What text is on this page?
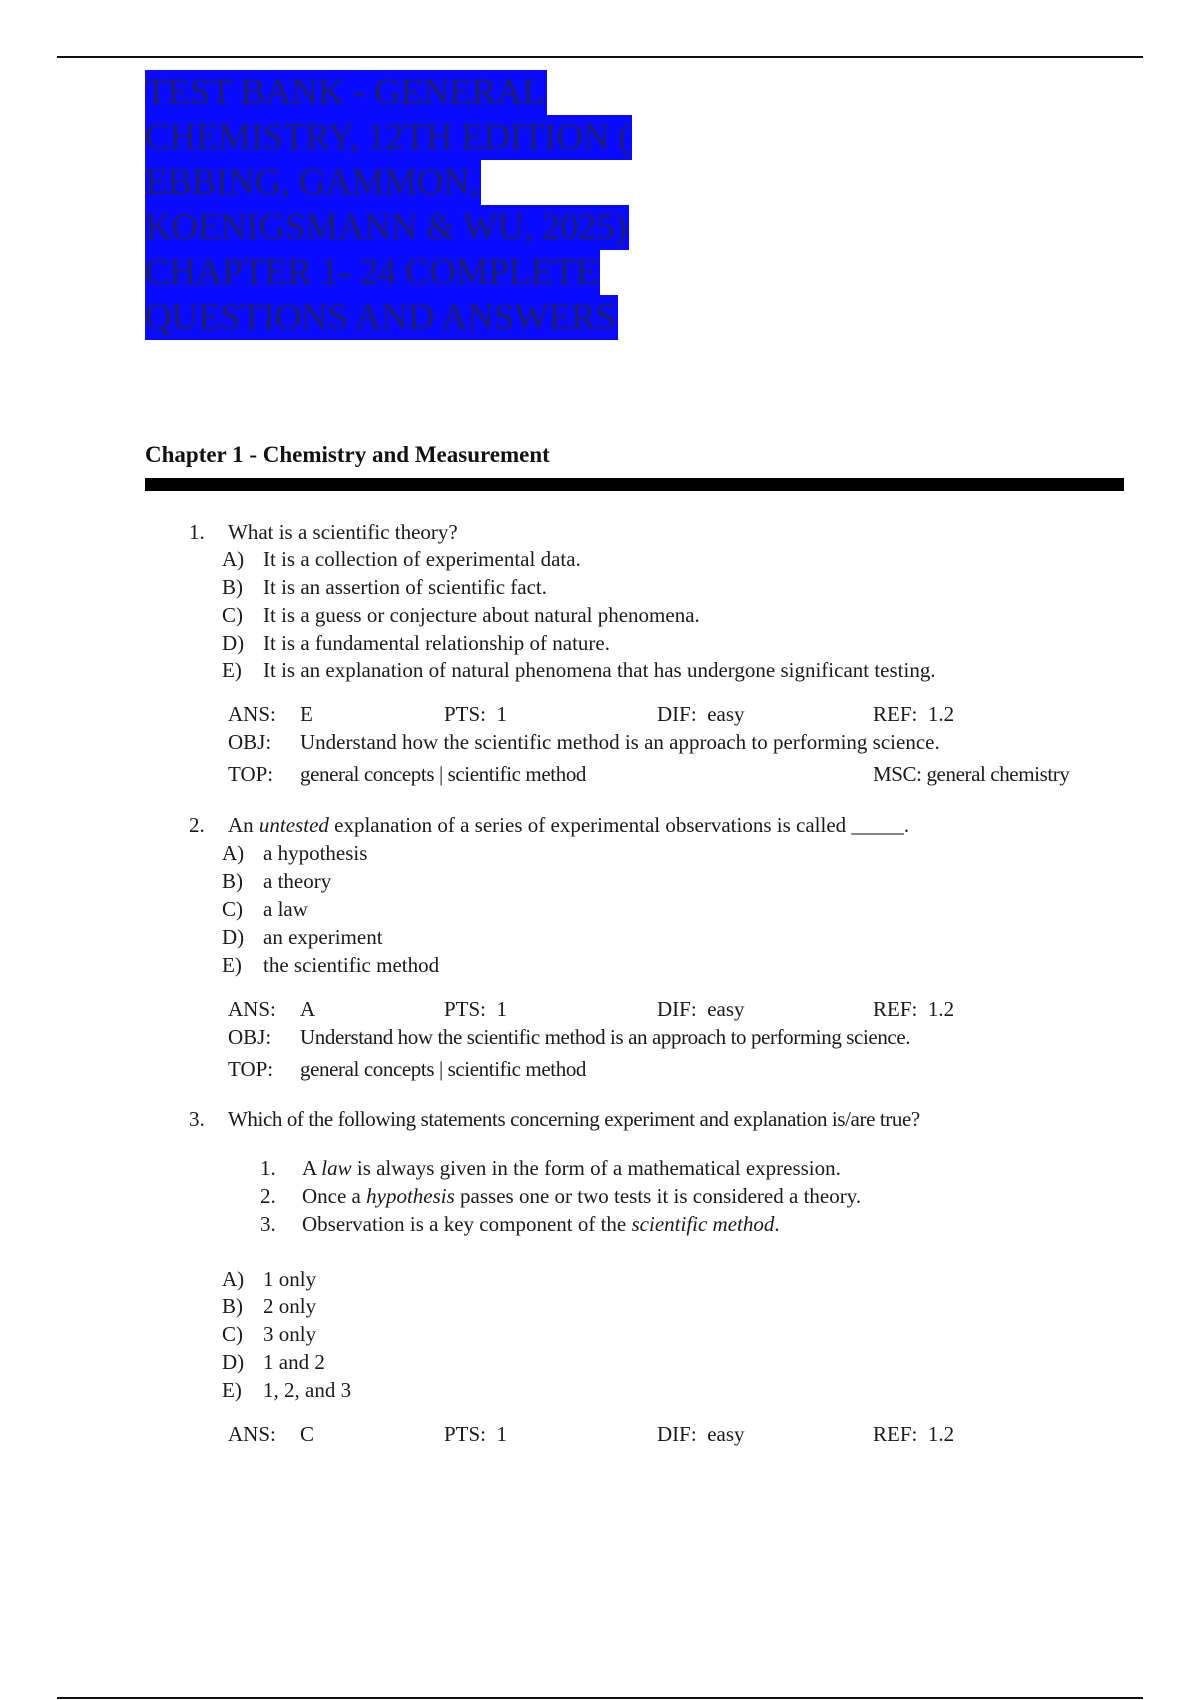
TEST BANK - GENERAL
CHEMISTRY, 12TH EDITION (
EBBING, GAMMON,
KOENIGSMANN & WU, 2025)
CHAPTER 1- 24 COMPLETE
QUESTIONS AND ANSWERS
Chapter 1 - Chemistry and Measurement
1. What is a scientific theory?
A) It is a collection of experimental data.
B) It is an assertion of scientific fact.
C) It is a guess or conjecture about natural phenomena.
D) It is a fundamental relationship of nature.
E) It is an explanation of natural phenomena that has undergone significant testing.
ANS: E	PTS: 1	DIF: easy	REF: 1.2
OBJ: Understand how the scientific method is an approach to performing science.
TOP: general concepts | scientific method	MSC: general chemistry
2. An untested explanation of a series of experimental observations is called _____.
A) a hypothesis
B) a theory
C) a law
D) an experiment
E) the scientific method
ANS: A	PTS: 1	DIF: easy	REF: 1.2
OBJ: Understand how the scientific method is an approach to performing science.
TOP: general concepts | scientific method
3. Which of the following statements concerning experiment and explanation is/are true?
1. A law is always given in the form of a mathematical expression.
2. Once a hypothesis passes one or two tests it is considered a theory.
3. Observation is a key component of the scientific method.
A) 1 only
B) 2 only
C) 3 only
D) 1 and 2
E) 1, 2, and 3
ANS: C	PTS: 1	DIF: easy	REF: 1.2
